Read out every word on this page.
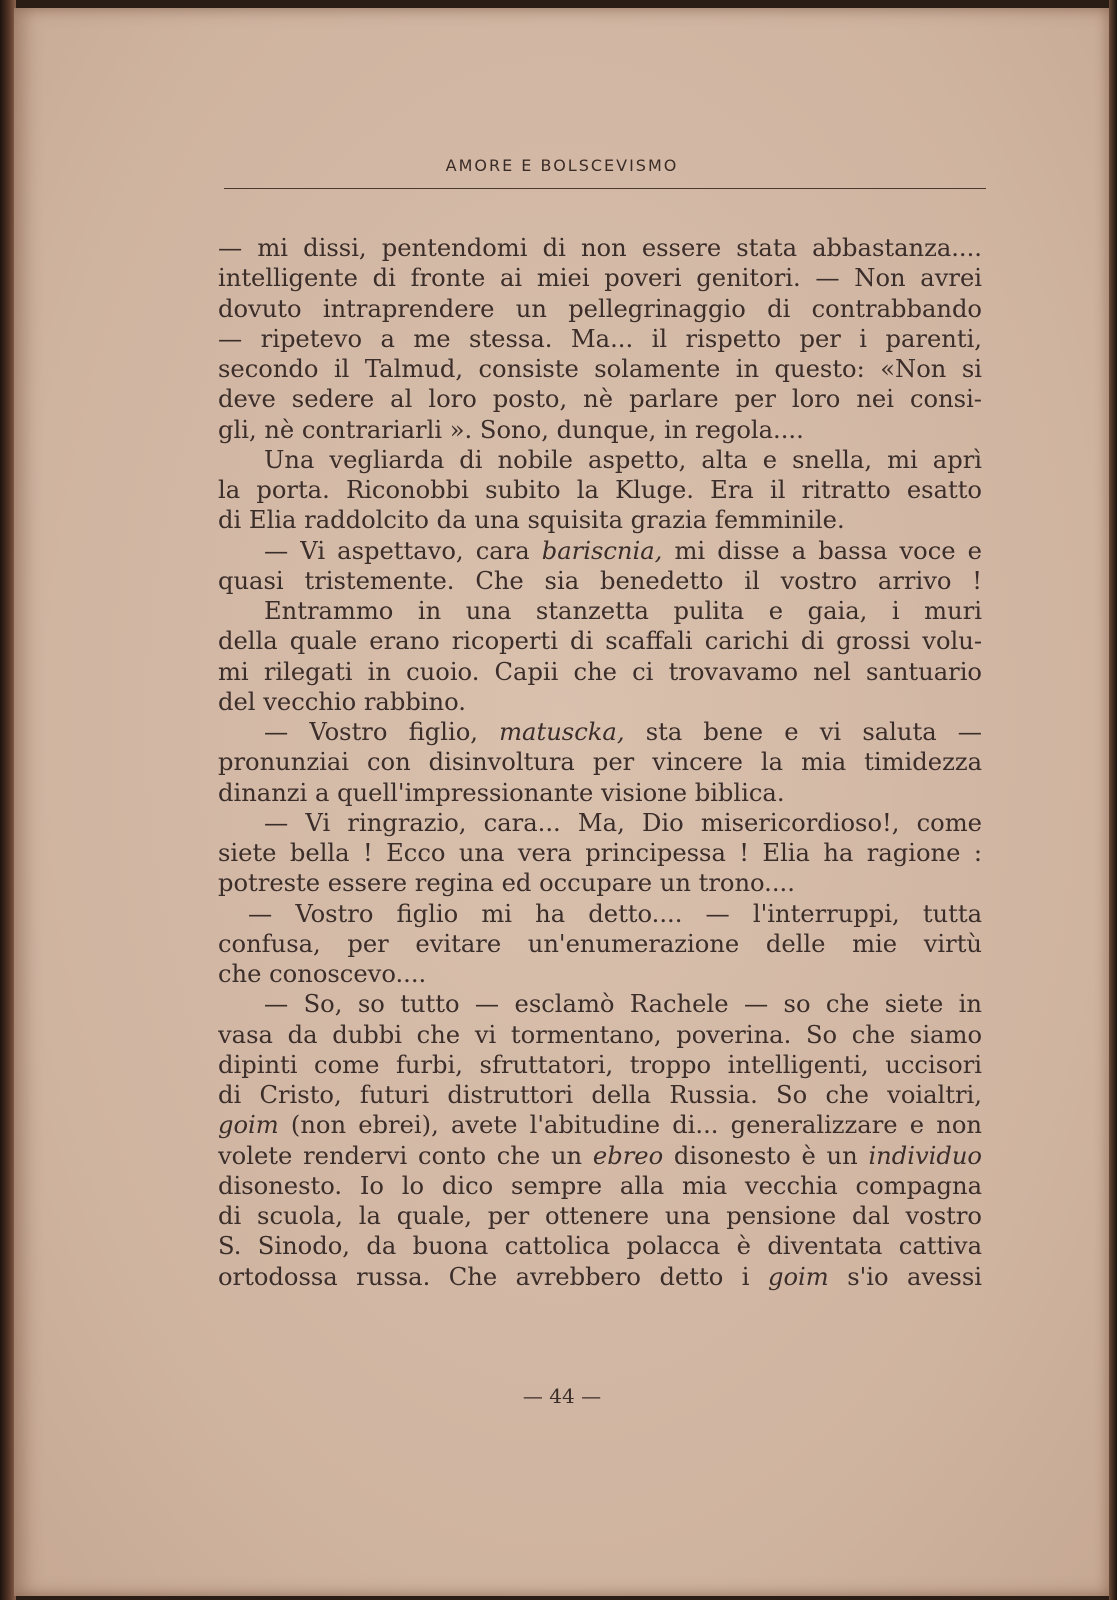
AMORE E BOLSCEVISMO
— mi dissi, pentendomi di non essere stata abbastanza....
intelligente di fronte ai miei poveri genitori. — Non avrei
dovuto intraprendere un pellegrinaggio di contrabbando
— ripetevo a me stessa. Ma... il rispetto per i parenti,
secondo il Talmud, consiste solamente in questo: «Non si
deve sedere al loro posto, nè parlare per loro nei consi-
gli, nè contrariarli ». Sono, dunque, in regola....
Una vegliarda di nobile aspetto, alta e snella, mi aprì
la porta. Riconobbi subito la Kluge. Era il ritratto esatto
di Elia raddolcito da una squisita grazia femminile.
— Vi aspettavo, cara bariscnia, mi disse a bassa voce e
quasi tristemente. Che sia benedetto il vostro arrivo !
Entrammo in una stanzetta pulita e gaia, i muri
della quale erano ricoperti di scaffali carichi di grossi volu-
mi rilegati in cuoio. Capii che ci trovavamo nel santuario
del vecchio rabbino.
— Vostro figlio, matuscka, sta bene e vi saluta —
pronunziai con disinvoltura per vincere la mia timidezza
dinanzi a quell'impressionante visione biblica.
— Vi ringrazio, cara... Ma, Dio misericordioso!, come
siete bella ! Ecco una vera principessa ! Elia ha ragione :
potreste essere regina ed occupare un trono....
— Vostro figlio mi ha detto.... — l'interruppi, tutta
confusa, per evitare un'enumerazione delle mie virtù
che conoscevo....
— So, so tutto — esclamò Rachele — so che siete in
vasa da dubbi che vi tormentano, poverina. So che siamo
dipinti come furbi, sfruttatori, troppo intelligenti, uccisori
di Cristo, futuri distruttori della Russia. So che voialtri,
goim (non ebrei), avete l'abitudine di... generalizzare e non
volete rendervi conto che un ebreo disonesto è un individuo
disonesto. Io lo dico sempre alla mia vecchia compagna
di scuola, la quale, per ottenere una pensione dal vostro
S. Sinodo, da buona cattolica polacca è diventata cattiva
ortodossa russa. Che avrebbero detto i goim s'io avessi
— 44 —
